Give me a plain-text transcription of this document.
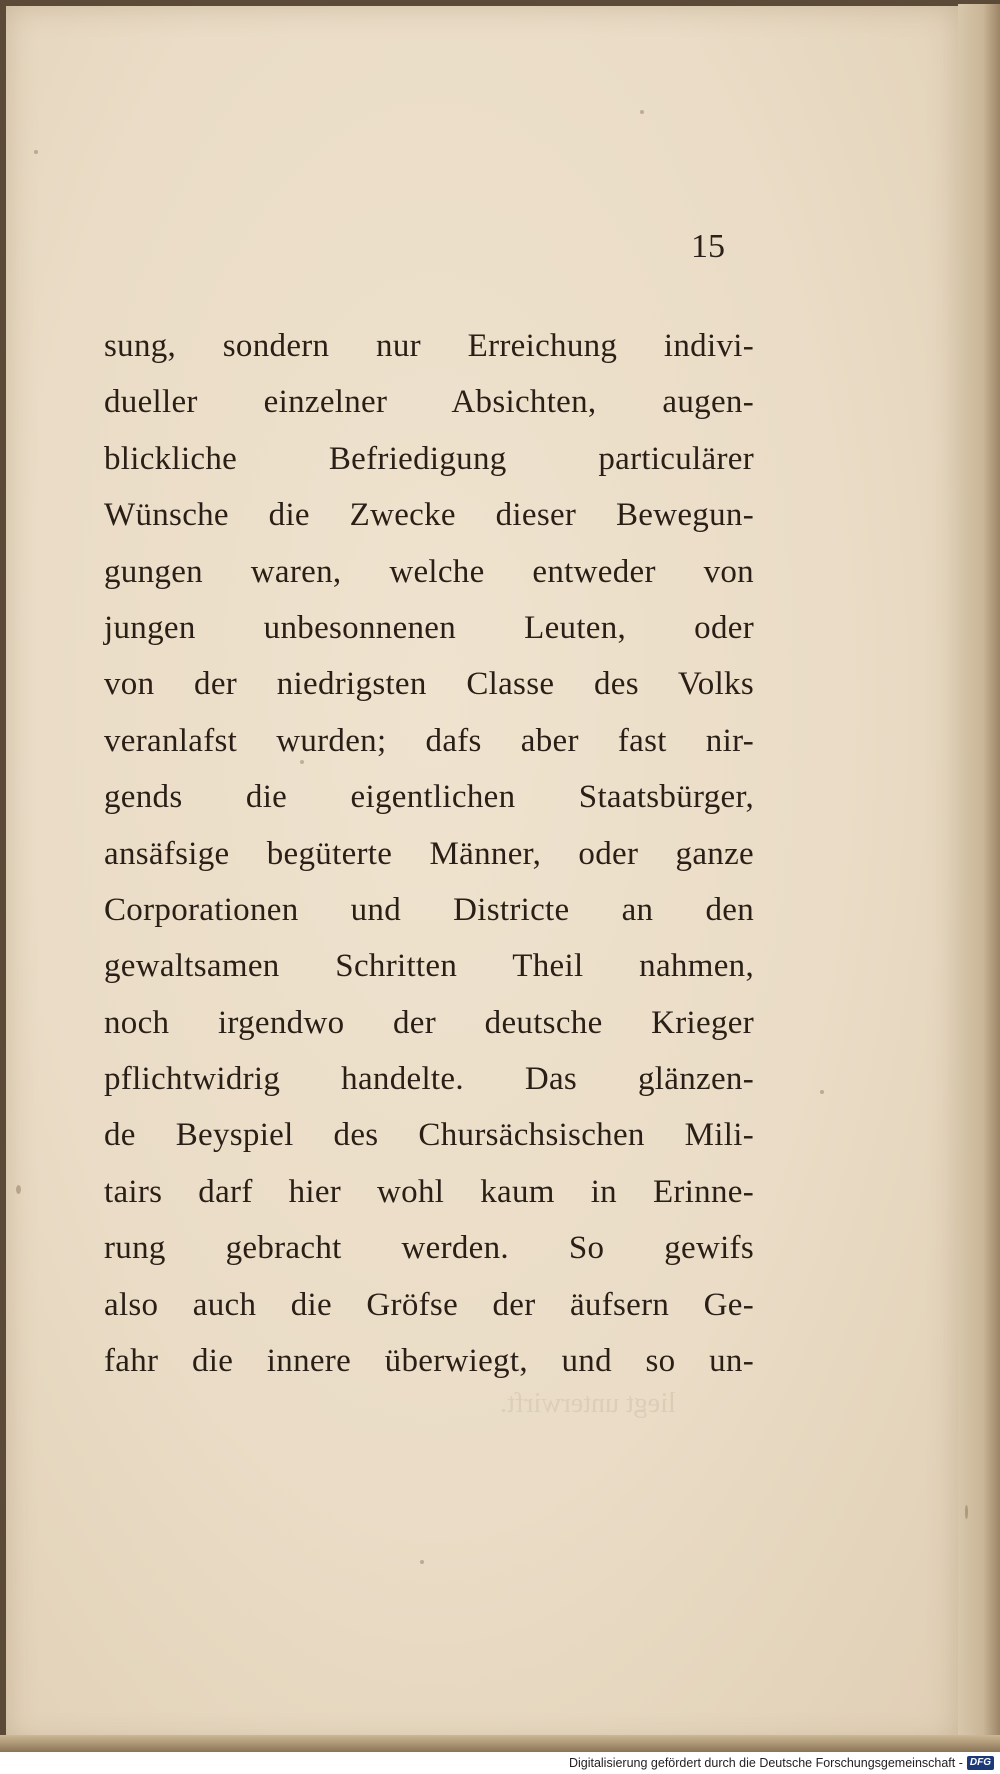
15
sung, sondern nur Erreichung indivi-
dueller einzelner Absichten, augen-
blickliche Befriedigung particulärer
Wünsche die Zwecke dieser Bewegun-
gungen waren, welche entweder von
jungen unbesonnenen Leuten, oder
von der niedrigsten Classe des Volks
veranlafst wurden; dafs aber fast nir-
gends die eigentlichen Staatsbürger,
ansäfsige begüterte Männer, oder ganze
Corporationen und Districte an den
gewaltsamen Schritten Theil nahmen,
noch irgendwo der deutsche Krieger
pflichtwidrig handelte. Das glänzen-
de Beyspiel des Chursächsischen Mili-
tairs darf hier wohl kaum in Erinne-
rung gebracht werden. So gewifs
also auch die Gröfse der äufsern Ge-
fahr die innere überwiegt, und so un-
liegt unterwirft.
Digitalisierung gefördert durch die Deutsche Forschungsgemeinschaft - DFG
